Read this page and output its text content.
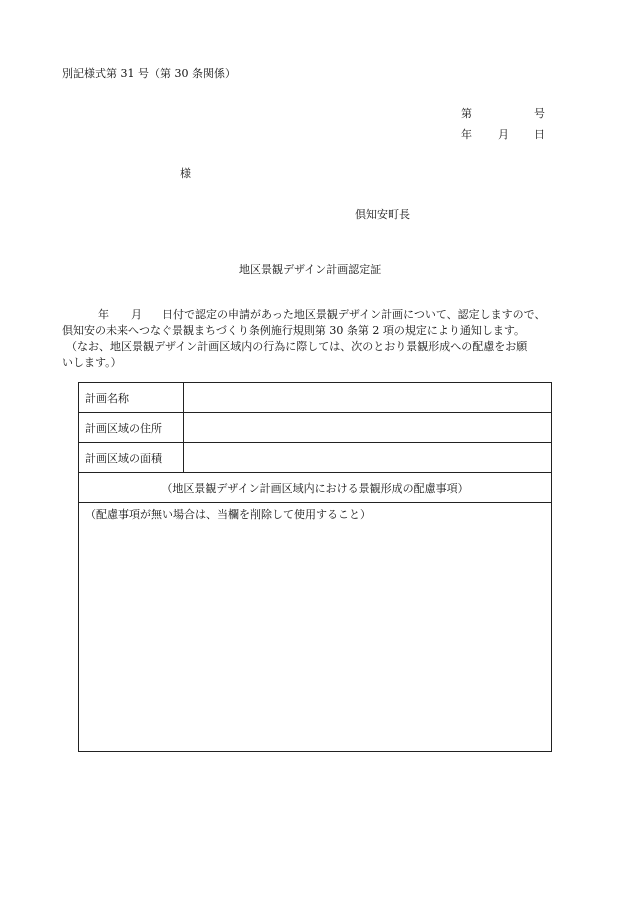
別記様式第 31 号（第 30 条関係）
第	号
年 月 日
様
倶知安町長
地区景観デザイン計画認定証
年 月 日付で認定の申請があった地区景観デザイン計画について、認定しますので、
倶知安の未来へつなぐ景観まちづくり条例施行規則第 30 条第 2 項の規定により通知します。
（なお、地区景観デザイン計画区域内の行為に際しては、次のとおり景観形成への配慮をお願
いします。）
計画名称	
計画区域の住所	
計画区域の面積	
（地区景観デザイン計画区域内における景観形成の配慮事項）	
（配慮事項が無い場合は、当欄を削除して使用すること）	
